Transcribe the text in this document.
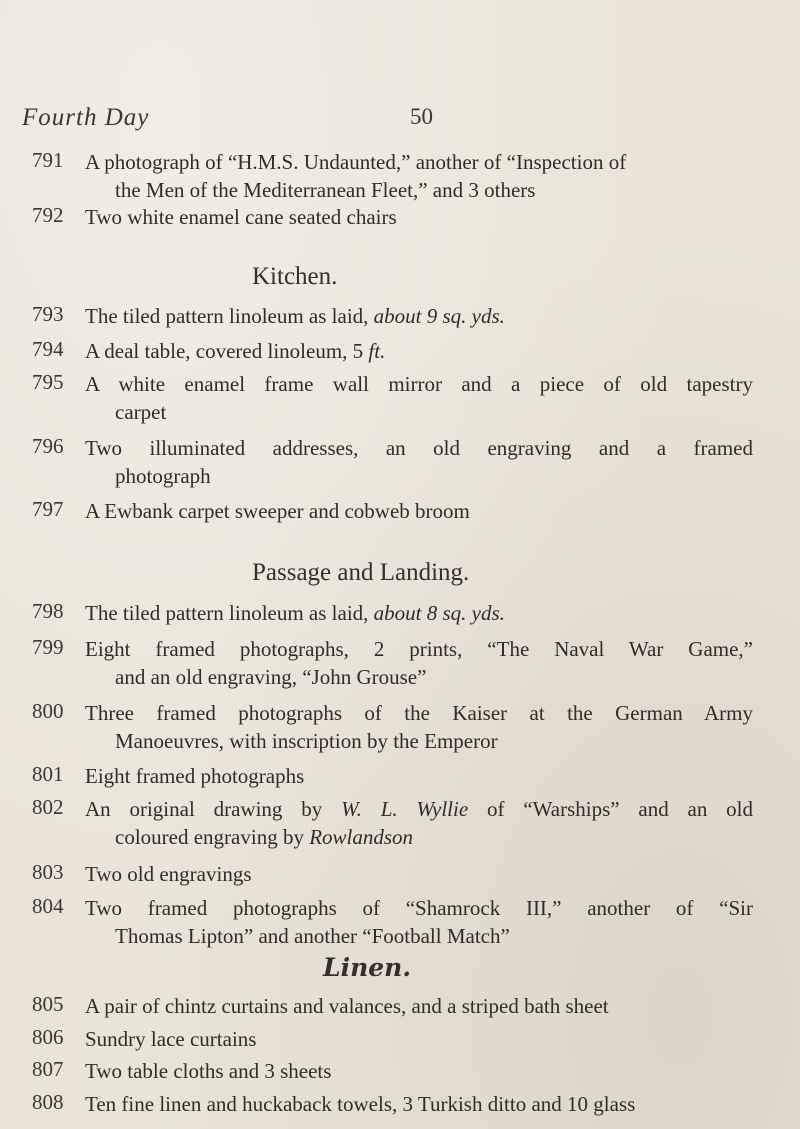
Fourth Day	50
791 A photograph of “H.M.S. Undaunted,” another of “Inspection of
the Men of the Mediterranean Fleet,” and 3 others
792 Two white enamel cane seated chairs
Kitchen.
793 The tiled pattern linoleum as laid, about 9 sq. yds.
794 A deal table, covered linoleum, 5 ft.
795 A white enamel frame wall mirror and a piece of old tapestry
carpet
796 Two illuminated addresses, an old engraving and a framed
photograph
797 A Ewbank carpet sweeper and cobweb broom
Passage and Landing.
798 The tiled pattern linoleum as laid, about 8 sq. yds.
799 Eight framed photographs, 2 prints, “The Naval War Game,”
and an old engraving, “John Grouse”
800 Three framed photographs of the Kaiser at the German Army
Manoeuvres, with inscription by the Emperor
801 Eight framed photographs
802 An original drawing by W. L. Wyllie of “Warships” and an old
coloured engraving by Rowlandson
803 Two old engravings
804 Two framed photographs of “Shamrock III,” another of “Sir
Thomas Lipton” and another “Football Match”
Linen.
805 A pair of chintz curtains and valances, and a striped bath sheet
806 Sundry lace curtains
807 Two table cloths and 3 sheets
808 Ten fine linen and huckaback towels, 3 Turkish ditto and 10 glass
